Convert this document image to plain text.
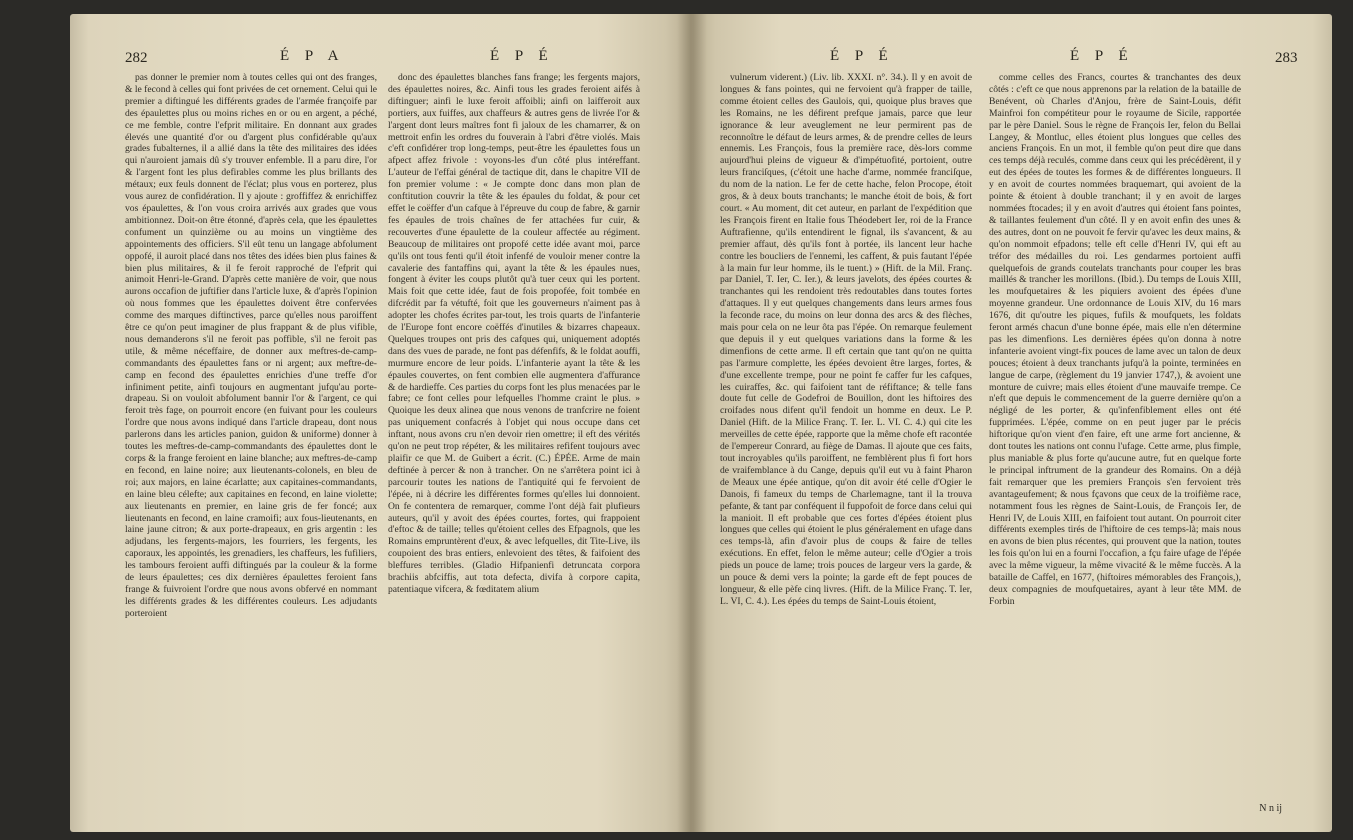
282	É P A	É P É

pas donner le premier nom à toutes celles qui ont des franges, & le fecond à celles qui font privées de cet ornement. Celui qui le premier a diftingué les différents grades de l'armée françoife par des épaulettes plus ou moins riches en or ou en argent, a péché, ce me femble, contre l'efprit militaire. En donnant aux grades élevés une quantité d'or ou d'argent plus confidérable qu'aux grades fubalternes, il a allié dans la tête des militaires des idées qui n'auroient jamais dû s'y trouver enfemble. Il a paru dire, l'or & l'argent font les plus defirables comme les plus brillants des métaux; eux feuls donnent de l'éclat; plus vous en porterez, plus vous aurez de confidération. Il y ajoute : groffiffez & enrichiffez vos épaulettes, & l'on vous croira arrivés aux grades que vous ambitionnez. Doit-on être étonné, d'après cela, que les épaulettes confument un quinzième ou au moins un vingtième des appointements des officiers. S'il eût tenu un langage abfolument oppofé, il auroit placé dans nos têtes des idées bien plus faines & bien plus militaires, & il fe feroit rapproché de l'efprit qui animoit Henri-le-Grand. D'après cette manière de voir, que nous aurons occafion de juftifier dans l'article luxe, & d'après l'opinion où nous fommes que les épaulettes doivent être confervées comme des marques diftinctives, parce qu'elles nous paroiffent être ce qu'on peut imaginer de plus frappant & de plus vifible, nous demanderons s'il ne feroit pas poffible, s'il ne feroit pas utile, & même néceffaire, de donner aux meftres-de-camp-commandants des épaulettes fans or ni argent; aux meftre-de-camp en fecond des épaulettes enrichies d'une treffe d'or infiniment petite, ainfi toujours en augmentant jufqu'au porte-drapeau. Si on vouloit abfolument bannir l'or & l'argent, ce qui feroit très fage, on pourroit encore (en fuivant pour les couleurs l'ordre que nous avons indiqué dans l'article drapeau, dont nous parlerons dans les articles panion, guidon & uniforme) donner à toutes les meftres-de-camp-commandants des épaulettes dont le corps & la frange feroient en laine blanche; aux meftres-de-camp en fecond, en laine noire; aux lieutenants-colonels, en bleu de roi; aux majors, en laine écarlatte; aux capitaines-commandants, en laine bleu célefte; aux capitaines en fecond, en laine violette; aux lieutenants en premier, en laine gris de fer foncé; aux lieutenants en fecond, en laine cramoifi; aux fous-lieutenants, en laine jaune citron; & aux porte-drapeaux, en gris argentin : les adjudans, les fergents-majors, les fourriers, les fergents, les caporaux, les appointés, les grenadiers, les chaffeurs, les fufiliers, les tambours feroient auffi diftingués par la couleur & la forme de leurs épaulettes; ces dix dernières épaulettes feroient fans frange & fuivroient l'ordre que nous avons obfervé en nommant les différents grades & les différentes couleurs. Les adjudants porteroient

donc des épaulettes blanches fans frange; les fergents majors, des épaulettes noires, &c. Ainfi tous les grades feroient aifés à diftinguer; ainfi le luxe feroit affoibli; ainfi on laifferoit aux portiers, aux fuiffes, aux chaffeurs & autres gens de livrée l'or & l'argent dont leurs maîtres font fi jaloux de les chamarrer, & on mettroit enfin les ordres du fouverain à l'abri d'être violés. Mais c'eft confidérer trop long-temps, peut-être les épaulettes fous un afpect affez frivole : voyons-les d'un côté plus intéreffant. L'auteur de l'effai général de tactique dit, dans le chapitre VII de fon premier volume : « Je compte donc dans mon plan de conftitution couvrir la tête & les épaules du foldat, & pour cet effet le coëffer d'un cafque à l'épreuve du coup de fabre, & garnir fes épaules de trois chaînes de fer attachées fur cuir, & recouvertes d'une épaulette de la couleur affectée au régiment. Beaucoup de militaires ont propofé cette idée avant moi, parce qu'ils ont tous fenti qu'il étoit infenfé de vouloir mener contre la cavalerie des fantaffins qui, ayant la tête & les épaules nues, fongent à éviter les coups plutôt qu'à tuer ceux qui les portent. Mais foit que cette idée, faut de fois propofée, foit tombée en difcrédit par fa vétufté, foit que les gouverneurs n'aiment pas à adopter les chofes écrites par-tout, les trois quarts de l'infanterie de l'Europe font encore coëffés d'inutiles & bizarres chapeaux. Quelques troupes ont pris des cafques qui, uniquement adoptés dans des vues de parade, ne font pas défenfifs, & le foldat aouffi, murmure encore de leur poids. L'infanterie ayant la tête & les épaules couvertes, on fent combien elle augmentera d'affurance & de hardieffe. Ces parties du corps font les plus menacées par le fabre; ce font celles pour lefquelles l'homme craint le plus. » Quoique les deux alinea que nous venons de tranfcrire ne foient pas uniquement confacrés à l'objet qui nous occupe dans cet inftant, nous avons cru n'en devoir rien omettre; il eft des vérités qu'on ne peut trop répéter, & les militaires refifent toujours avec plaifir ce que M. de Guibert a écrit. (C.) ÉPÉE. Arme de main deftinée à percer & non à trancher. On ne s'arrêtera point ici à parcourir toutes les nations de l'antiquité qui fe fervoient de l'épée, ni à décrire les différentes formes qu'elles lui donnoient. On fe contentera de remarquer, comme l'ont déjà fait plufieurs auteurs, qu'il y avoit des épées courtes, fortes, qui frappoient d'eftoc & de taille; telles qu'étoient celles des Efpagnols, que les Romains empruntèrent d'eux, & avec lefquelles, dit Tite-Live, ils coupoient des bras entiers, enlevoient des têtes, & faifoient des bleffures terribles. (Gladio Hifpanienfi detruncata corpora brachiis abfciffis, aut tota defecta, divifa à corpore capita, patentiaque vifcera, & fœditatem alium

É P É	É P É	283

vulnerum viderent.) (Liv. lib. XXXI. n°. 34.). Il y en avoit de longues & fans pointes, qui ne fervoient qu'à frapper de taille, comme étoient celles des Gaulois, qui, quoique plus braves que les Romains, ne les défirent prefque jamais, parce que leur ignorance & leur aveuglement ne leur permirent pas de reconnoître le défaut de leurs armes, & de prendre celles de leurs ennemis. Les François, fous la première race, dès-lors comme aujourd'hui pleins de vigueur & d'impétuofité, portoient, outre leurs franciſques, (c'étoit une hache d'arme, nommée franciſque, du nom de la nation. Le fer de cette hache, felon Procope, étoit gros, & à deux bouts tranchants; le manche étoit de bois, & fort court. « Au moment, dit cet auteur, en parlant de l'expédition que les François firent en Italie fous Théodebert Ier, roi de la France Auftrafienne, qu'ils entendirent le fignal, ils s'avancent, & au premier affaut, dès qu'ils font à portée, ils lancent leur hache contre les boucliers de l'ennemi, les caffent, & puis fautant l'épée à la main fur leur homme, ils le tuent.) » (Hift. de la Mil. Franç. par Daniel, T. Ier, C. Ier.), & leurs javelots, des épées courtes & tranchantes qui les rendoient très redoutables dans toutes fortes d'attaques. Il y eut quelques changements dans leurs armes fous la feconde race, du moins on leur donna des arcs & des flèches, mais pour cela on ne leur ôta pas l'épée. On remarque feulement que depuis il y eut quelques variations dans la forme & les dimenfions de cette arme. Il eft certain que tant qu'on ne quitta pas l'armure complette, les épées devoient être larges, fortes, & d'une excellente trempe, pour ne point fe caffer fur les cafques, les cuiraffes, &c. qui faifoient tant de réfiftance; & telle fans doute fut celle de Godefroi de Bouillon, dont les hiftoires des croifades nous difent qu'il fendoit un homme en deux. Le P. Daniel (Hift. de la Milice Franç. T. Ier. L. VI. C. 4.) qui cite les merveilles de cette épée, rapporte que la même chofe eft racontée de l'empereur Conrard, au fiège de Damas. Il ajoute que ces faits, tout incroyables qu'ils paroiffent, ne femblèrent plus fi fort hors de vraifemblance à du Cange, depuis qu'il eut vu à faint Pharon de Meaux une épée antique, qu'on dit avoir été celle d'Ogier le Danois, fi fameux du temps de Charlemagne, tant il la trouva pefante, & tant par conféquent il fuppofoit de force dans celui qui la manioit. Il eft probable que ces fortes d'épées étoient plus longues que celles qui étoient le plus généralement en ufage dans ces temps-là, afin d'avoir plus de coups & faire de telles exécutions. En effet, felon le même auteur; celle d'Ogier a trois pieds un pouce de lame; trois pouces de largeur vers la garde, & un pouce & demi vers la pointe; la garde eft de fept pouces de longueur, & elle pèfe cinq livres. (Hift. de la Milice Franç. T. Ier, L. VI, C. 4.). Les épées du temps de Saint-Louis étoient,

comme celles des Francs, courtes & tranchantes des deux côtés : c'eft ce que nous apprenons par la relation de la bataille de Benévent, où Charles d'Anjou, frère de Saint-Louis, défit Mainfroi fon compétiteur pour le royaume de Sicile, rapportée par le père Daniel. Sous le règne de François Ier, felon du Bellai Langey, & Montluc, elles étoient plus longues que celles des anciens François. En un mot, il femble qu'on peut dire que dans ces temps déjà reculés, comme dans ceux qui les précédèrent, il y eut des épées de toutes les formes & de différentes longueurs. Il y en avoit de courtes nommées braquemart, qui avoient de la pointe & étoient à double tranchant; il y en avoit de larges nommées ftocades; il y en avoit d'autres qui étoient fans pointes, & taillantes feulement d'un côté. Il y en avoit enfin des unes & des autres, dont on ne pouvoit fe fervir qu'avec les deux mains, & qu'on nommoit efpadons; telle eft celle d'Henri IV, qui eft au tréfor des médailles du roi. Les gendarmes portoient auffi quelquefois de grands coutelats tranchants pour couper les bras maillés & trancher les morillons. (Ibid.). Du temps de Louis XIII, les moufquetaires & les piquiers avoient des épées d'une moyenne grandeur. Une ordonnance de Louis XIV, du 16 mars 1676, dit qu'outre les piques, fufils & moufquets, les foldats feront armés chacun d'une bonne épée, mais elle n'en détermine pas les dimenfions. Les dernières épées qu'on donna à notre infanterie avoient vingt-fix pouces de lame avec un talon de deux pouces; étoient à deux tranchants jufqu'à la pointe, terminées en langue de carpe, (règlement du 19 janvier 1747,), & avoient une monture de cuivre; mais elles étoient d'une mauvaife trempe. Ce n'eft que depuis le commencement de la guerre dernière qu'on a négligé de les porter, & qu'infenfiblement elles ont été fupprimées. L'épée, comme on en peut juger par le précis hiftorique qu'on vient d'en faire, eft une arme fort ancienne, & dont toutes les nations ont connu l'ufage. Cette arme, plus fimple, plus maniable & plus forte qu'aucune autre, fut en quelque forte le principal inftrument de la grandeur des Romains. On a déjà fait remarquer que les premiers François s'en fervoient très avantageufement; & nous fçavons que ceux de la troifième race, notamment fous les règnes de Saint-Louis, de François Ier, de Henri IV, de Louis XIII, en faifoient tout autant. On pourroit citer différents exemples tirés de l'hiftoire de ces temps-là; mais nous en avons de bien plus récentes, qui prouvent que la nation, toutes les fois qu'on lui en a fourni l'occafion, a fçu faire ufage de l'épée avec la même vigueur, la même vivacité & le même fuccès. A la bataille de Caffel, en 1677, (hiftoires mémorables des François,), deux compagnies de moufquetaires, ayant à leur tête MM. de Forbin

N n ij
